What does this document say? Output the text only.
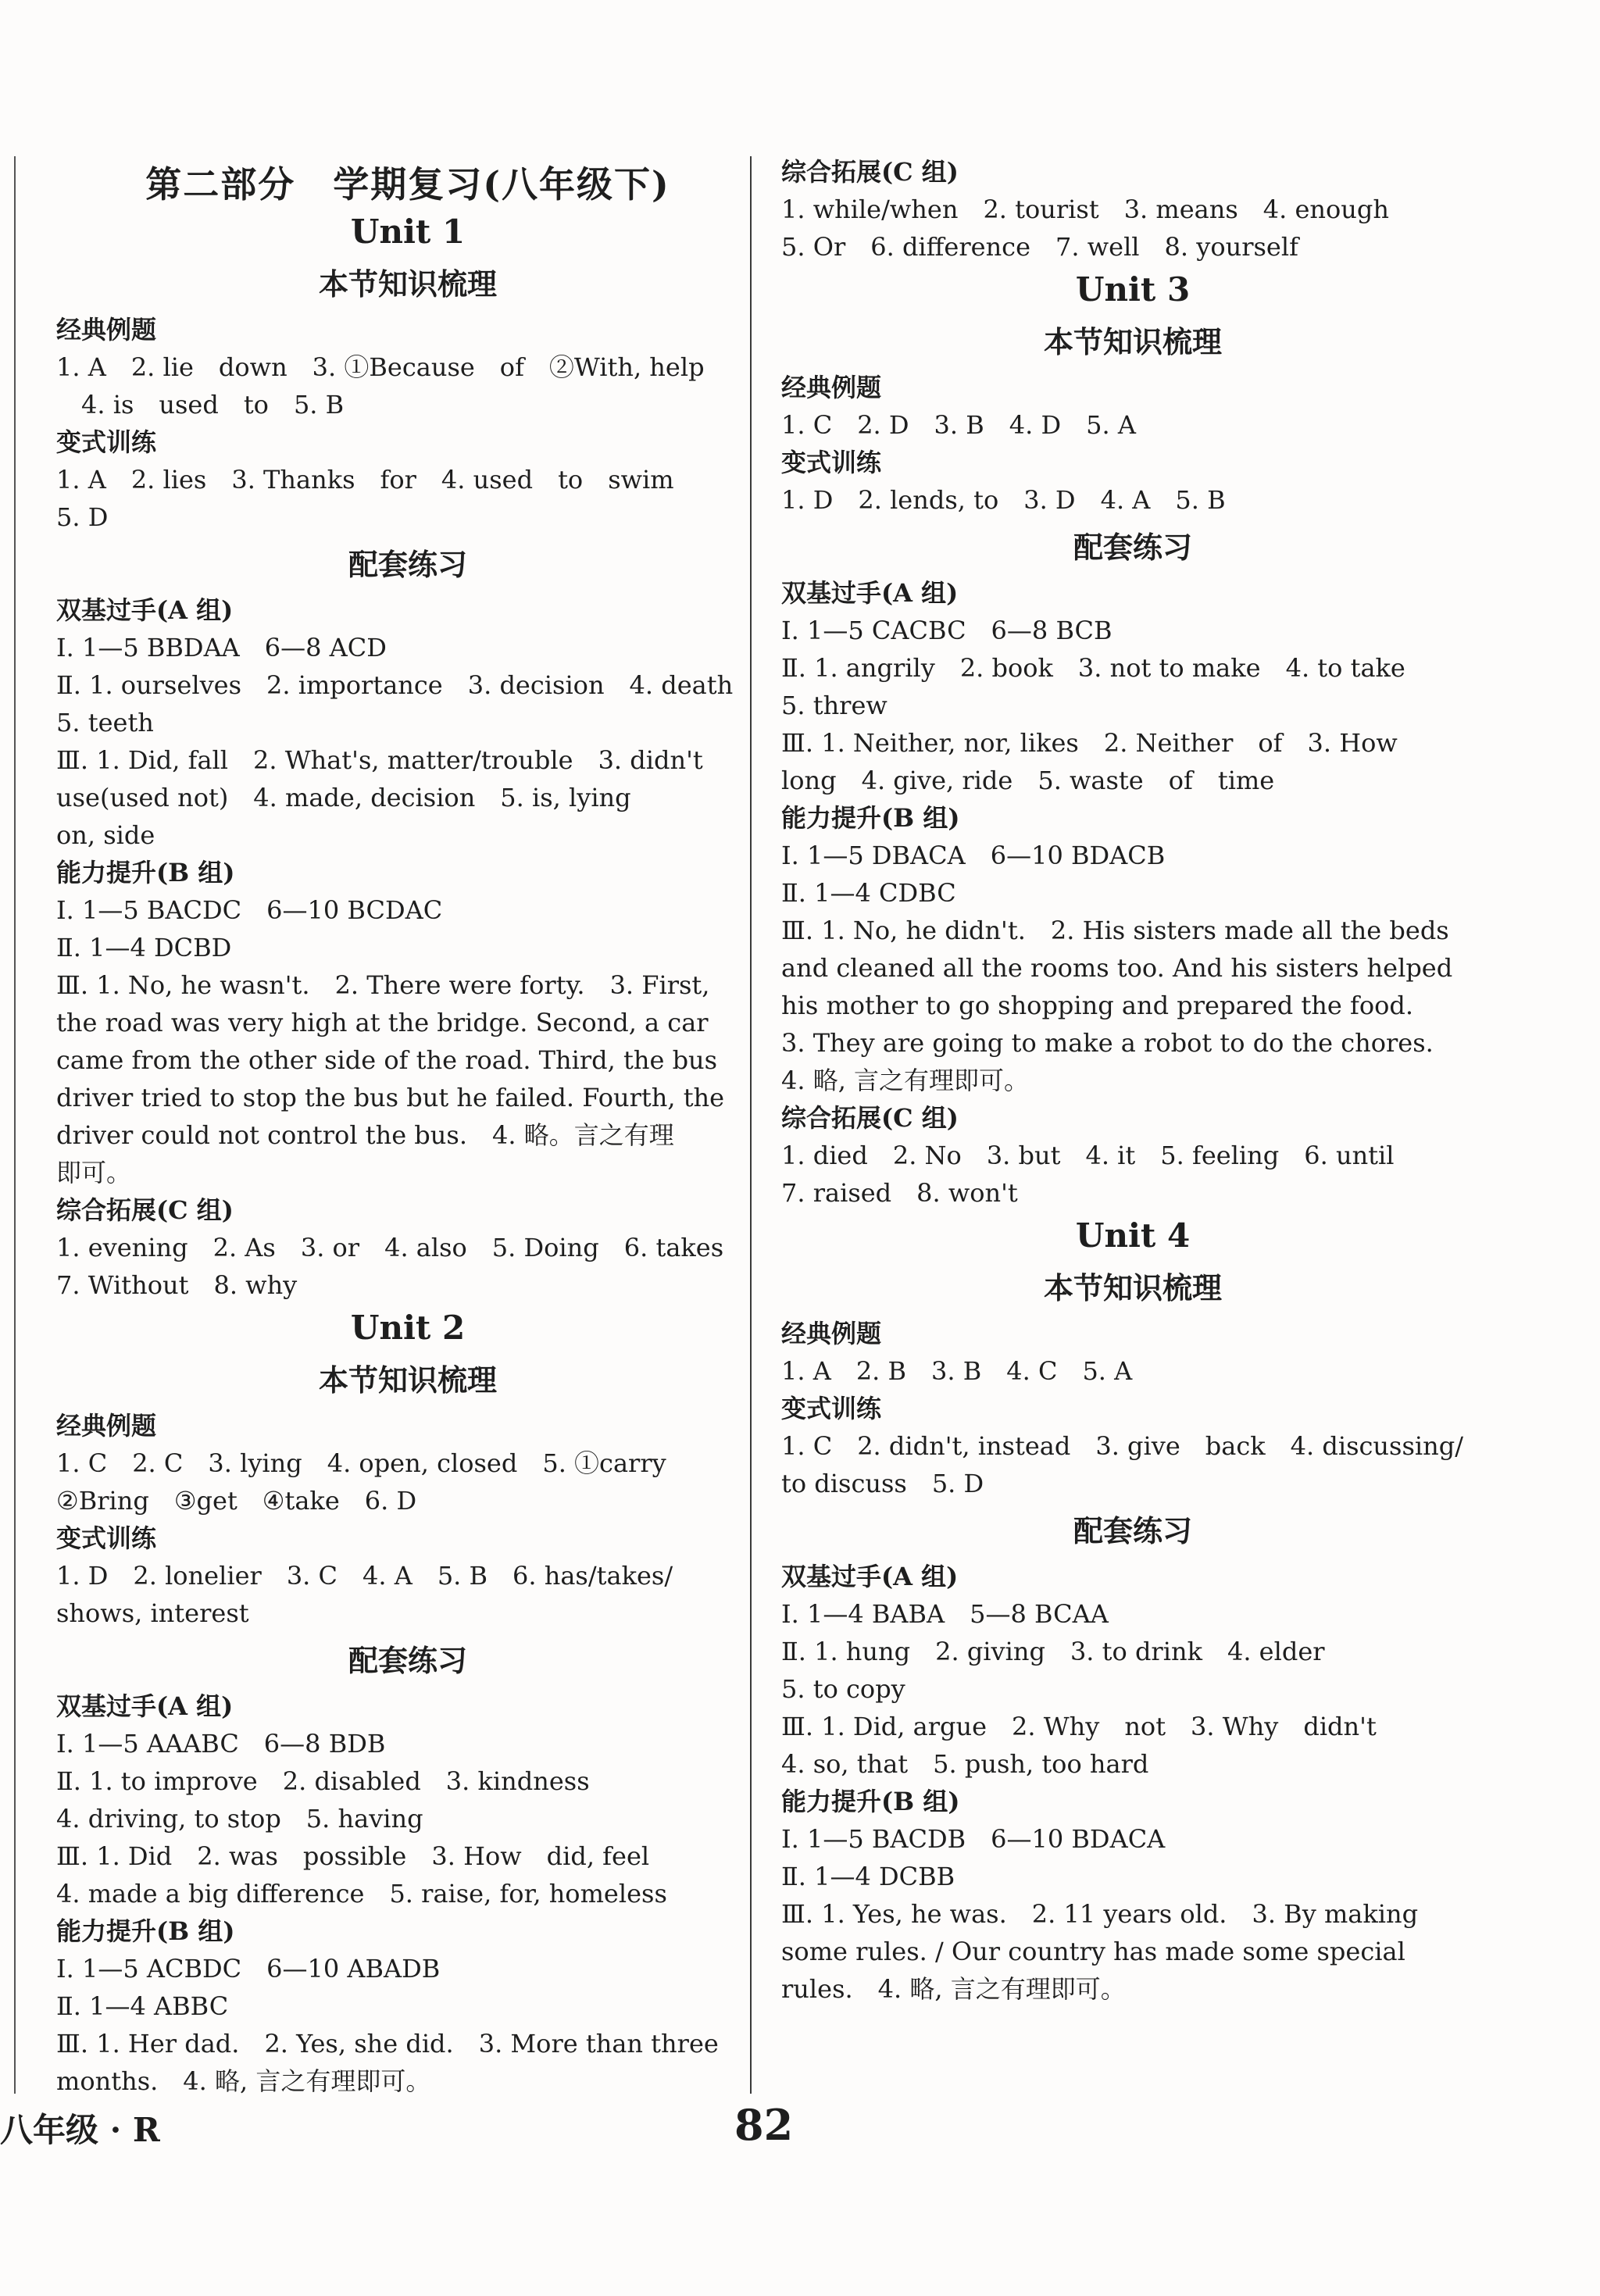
第二部分　学期复习(八年级下)
Unit 1
本节知识梳理
经典例题
1. A　2. lie　down　3. ①Because　of　②With, help
　4. is　used　to　5. B
变式训练
1. A　2. lies　3. Thanks　for　4. used　to　swim
5. D
配套练习
双基过手(A 组)
Ⅰ. 1—5 BBDAA　6—8 ACD
Ⅱ. 1. ourselves　2. importance　3. decision　4. death
5. teeth
Ⅲ. 1. Did, fall　2. What's, matter/trouble　3. didn't
use(used not)　4. made, decision　5. is, lying
on, side
能力提升(B 组)
Ⅰ. 1—5 BACDC　6—10 BCDAC
Ⅱ. 1—4 DCBD
Ⅲ. 1. No, he wasn't.　2. There were forty.　3. First,
the road was very high at the bridge. Second, a car
came from the other side of the road. Third, the bus
driver tried to stop the bus but he failed. Fourth, the
driver could not control the bus.　4. 略。言之有理
即可。
综合拓展(C 组)
1. evening　2. As　3. or　4. also　5. Doing　6. takes
7. Without　8. why
Unit 2
本节知识梳理
经典例题
1. C　2. C　3. lying　4. open, closed　5. ①carry
②Bring　③get　④take　6. D
变式训练
1. D　2. lonelier　3. C　4. A　5. B　6. has/takes/
shows, interest
配套练习
双基过手(A 组)
Ⅰ. 1—5 AAABC　6—8 BDB
Ⅱ. 1. to improve　2. disabled　3. kindness
4. driving, to stop　5. having
Ⅲ. 1. Did　2. was　possible　3. How　did, feel
4. made a big difference　5. raise, for, homeless
能力提升(B 组)
Ⅰ. 1—5 ACBDC　6—10 ABADB
Ⅱ. 1—4 ABBC
Ⅲ. 1. Her dad.　2. Yes, she did.　3. More than three
months.　4. 略, 言之有理即可。
综合拓展(C 组)
1. while/when　2. tourist　3. means　4. enough
5. Or　6. difference　7. well　8. yourself
Unit 3
本节知识梳理
经典例题
1. C　2. D　3. B　4. D　5. A
变式训练
1. D　2. lends, to　3. D　4. A　5. B
配套练习
双基过手(A 组)
Ⅰ. 1—5 CACBC　6—8 BCB
Ⅱ. 1. angrily　2. book　3. not to make　4. to take
5. threw
Ⅲ. 1. Neither, nor, likes　2. Neither　of　3. How
long　4. give, ride　5. waste　of　time
能力提升(B 组)
Ⅰ. 1—5 DBACA　6—10 BDACB
Ⅱ. 1—4 CDBC
Ⅲ. 1. No, he didn't.　2. His sisters made all the beds
and cleaned all the rooms too. And his sisters helped
his mother to go shopping and prepared the food.
3. They are going to make a robot to do the chores.
4. 略, 言之有理即可。
综合拓展(C 组)
1. died　2. No　3. but　4. it　5. feeling　6. until
7. raised　8. won't
Unit 4
本节知识梳理
经典例题
1. A　2. B　3. B　4. C　5. A
变式训练
1. C　2. didn't, instead　3. give　back　4. discussing/
to discuss　5. D
配套练习
双基过手(A 组)
Ⅰ. 1—4 BABA　5—8 BCAA
Ⅱ. 1. hung　2. giving　3. to drink　4. elder
5. to copy
Ⅲ. 1. Did, argue　2. Why　not　3. Why　didn't
4. so, that　5. push, too hard
能力提升(B 组)
Ⅰ. 1—5 BACDB　6—10 BDACA
Ⅱ. 1—4 DCBB
Ⅲ. 1. Yes, he was.　2. 11 years old.　3. By making
some rules. / Our country has made some special
rules.　4. 略, 言之有理即可。
八年级 · R	82
